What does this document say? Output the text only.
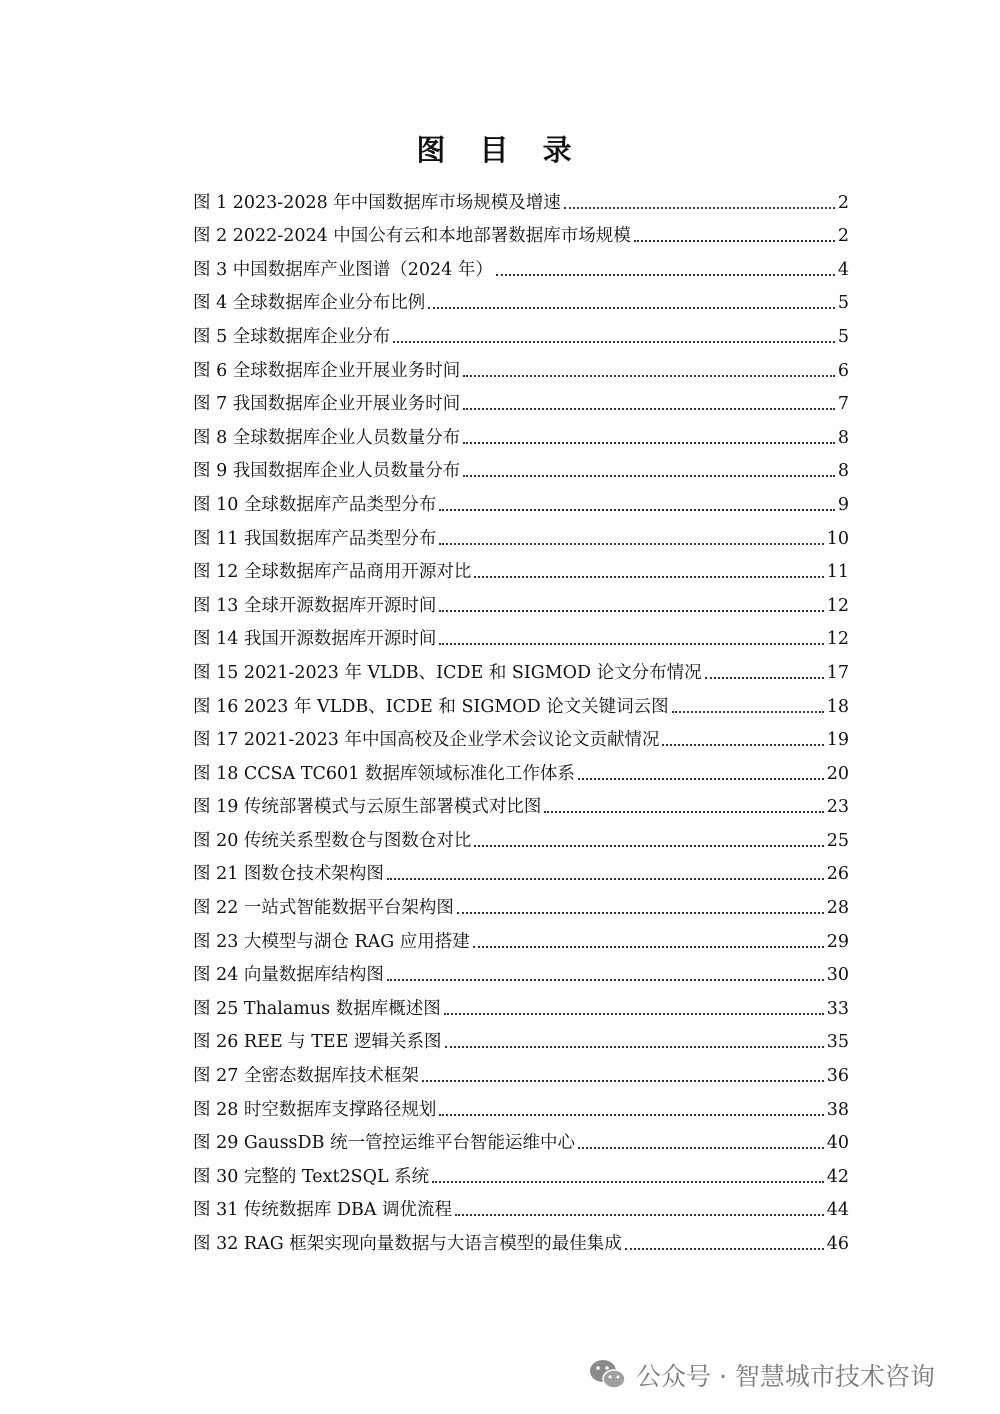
图 目 录
图 1 2023-2028 年中国数据库市场规模及增速	2
图 2 2022-2024 中国公有云和本地部署数据库市场规模	2
图 3 中国数据库产业图谱（2024 年）	4
图 4 全球数据库企业分布比例	5
图 5 全球数据库企业分布	5
图 6 全球数据库企业开展业务时间	6
图 7 我国数据库企业开展业务时间	7
图 8 全球数据库企业人员数量分布	8
图 9 我国数据库企业人员数量分布	8
图 10 全球数据库产品类型分布	9
图 11 我国数据库产品类型分布	10
图 12 全球数据库产品商用开源对比	11
图 13 全球开源数据库开源时间	12
图 14 我国开源数据库开源时间	12
图 15 2021-2023 年 VLDB、ICDE 和 SIGMOD 论文分布情况	17
图 16 2023 年 VLDB、ICDE 和 SIGMOD 论文关键词云图	18
图 17 2021-2023 年中国高校及企业学术会议论文贡献情况	19
图 18 CCSA TC601 数据库领域标准化工作体系	20
图 19 传统部署模式与云原生部署模式对比图	23
图 20 传统关系型数仓与图数仓对比	25
图 21 图数仓技术架构图	26
图 22 一站式智能数据平台架构图	28
图 23 大模型与湖仓 RAG 应用搭建	29
图 24 向量数据库结构图	30
图 25 Thalamus 数据库概述图	33
图 26 REE 与 TEE 逻辑关系图	35
图 27 全密态数据库技术框架	36
图 28 时空数据库支撑路径规划	38
图 29 GaussDB 统一管控运维平台智能运维中心	40
图 30 完整的 Text2SQL 系统	42
图 31 传统数据库 DBA 调优流程	44
图 32 RAG 框架实现向量数据与大语言模型的最佳集成	46
公众号 · 智慧城市技术咨询
